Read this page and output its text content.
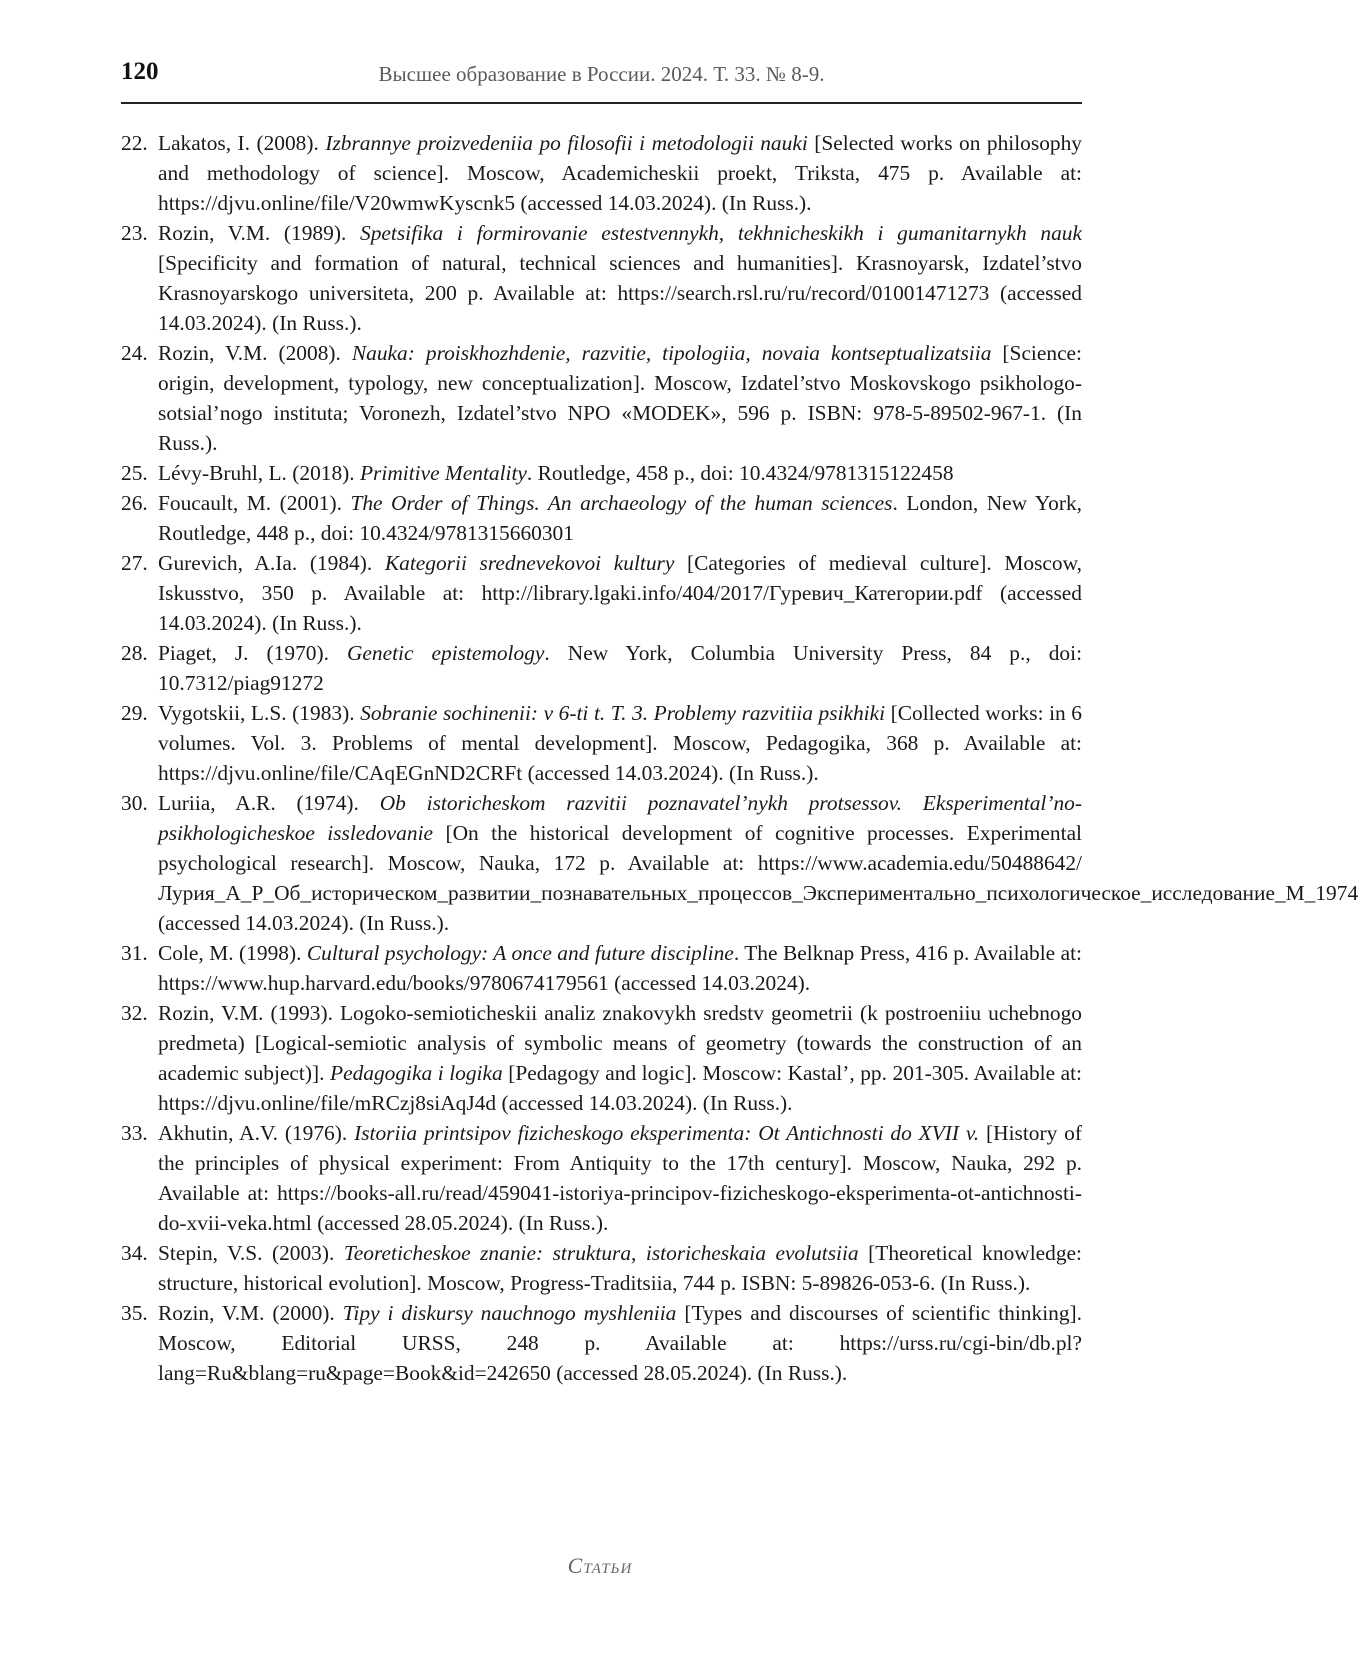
120	Высшее образование в России. 2024. Т. 33. № 8-9.
22. Lakatos, I. (2008). Izbrannye proizvedeniia po filosofii i metodologii nauki [Selected works on philosophy and methodology of science]. Moscow, Academicheskii proekt, Triksta, 475 p. Available at: https://djvu.online/file/V20wmwKyscnk5 (accessed 14.03.2024). (In Russ.).
23. Rozin, V.M. (1989). Spetsifika i formirovanie estestvennykh, tekhnicheskikh i gumanitarnykh nauk [Specificity and formation of natural, technical sciences and humanities]. Krasnoyarsk, Izdatel’stvo Krasnoyarskogo universiteta, 200 p. Available at: https://search.rsl.ru/ru/record/01001471273 (accessed 14.03.2024). (In Russ.).
24. Rozin, V.M. (2008). Nauka: proiskhozhdenie, razvitie, tipologiia, novaia kontseptualizatsiia [Science: origin, development, typology, new conceptualization]. Moscow, Izdatel’stvo Moskovskogo psikhologo-sotsial’nogo instituta; Voronezh, Izdatel’stvo NPO «MODEK», 596 p. ISBN: 978-5-89502-967-1. (In Russ.).
25. Lévy-Bruhl, L. (2018). Primitive Mentality. Routledge, 458 p., doi: 10.4324/9781315122458
26. Foucault, M. (2001). The Order of Things. An archaeology of the human sciences. London, New York, Routledge, 448 p., doi: 10.4324/9781315660301
27. Gurevich, A.Ia. (1984). Kategorii srednevekovoi kultury [Categories of medieval culture]. Moscow, Iskusstvo, 350 p. Available at: http://library.lgaki.info/404/2017/Гуревич_Категории.pdf (accessed 14.03.2024). (In Russ.).
28. Piaget, J. (1970). Genetic epistemology. New York, Columbia University Press, 84 p., doi: 10.7312/piag91272
29. Vygotskii, L.S. (1983). Sobranie sochinenii: v 6-ti t. T. 3. Problemy razvitiia psikhiki [Collected works: in 6 volumes. Vol. 3. Problems of mental development]. Moscow, Pedagogika, 368 p. Available at: https://djvu.online/file/CAqEGnND2CRFt (accessed 14.03.2024). (In Russ.).
30. Luriia, A.R. (1974). Ob istoricheskom razvitii poznavatel’nykh protsessov. Eksperimental’no-psikhologicheskoe issledovanie [On the historical development of cognitive processes. Experimental psychological research]. Moscow, Nauka, 172 p. Available at: https://www.academia.edu/50488642/Лурия_А_Р_Об_историческом_развитии_познавательных_процессов_Экспериментально_психологическое_исследование_М_1974 (accessed 14.03.2024). (In Russ.).
31. Cole, M. (1998). Cultural psychology: A once and future discipline. The Belknap Press, 416 p. Available at: https://www.hup.harvard.edu/books/9780674179561 (accessed 14.03.2024).
32. Rozin, V.M. (1993). Logoko-semioticheskii analiz znakovykh sredstv geometrii (k postroeniiu uchebnogo predmeta) [Logical-semiotic analysis of symbolic means of geometry (towards the construction of an academic subject)]. Pedagogika i logika [Pedagogy and logic]. Moscow: Kastal’, pp. 201-305. Available at: https://djvu.online/file/mRCzj8siAqJ4d (accessed 14.03.2024). (In Russ.).
33. Akhutin, A.V. (1976). Istoriia printsipov fizicheskogo eksperimenta: Ot Antichnosti do XVII v. [History of the principles of physical experiment: From Antiquity to the 17th century]. Moscow, Nauka, 292 p. Available at: https://books-all.ru/read/459041-istoriya-principov-fizicheskogo-eksperimenta-ot-antichnosti-do-xvii-veka.html (accessed 28.05.2024). (In Russ.).
34. Stepin, V.S. (2003). Teoreticheskoe znanie: struktura, istoricheskaia evolutsiia [Theoretical knowledge: structure, historical evolution]. Moscow, Progress-Traditsiia, 744 p. ISBN: 5-89826-053-6. (In Russ.).
35. Rozin, V.M. (2000). Tipy i diskursy nauchnogo myshleniia [Types and discourses of scientific thinking]. Moscow, Editorial URSS, 248 p. Available at: https://urss.ru/cgi-bin/db.pl?lang=Ru&blang=ru&page=Book&id=242650 (accessed 28.05.2024). (In Russ.).
Статьи
